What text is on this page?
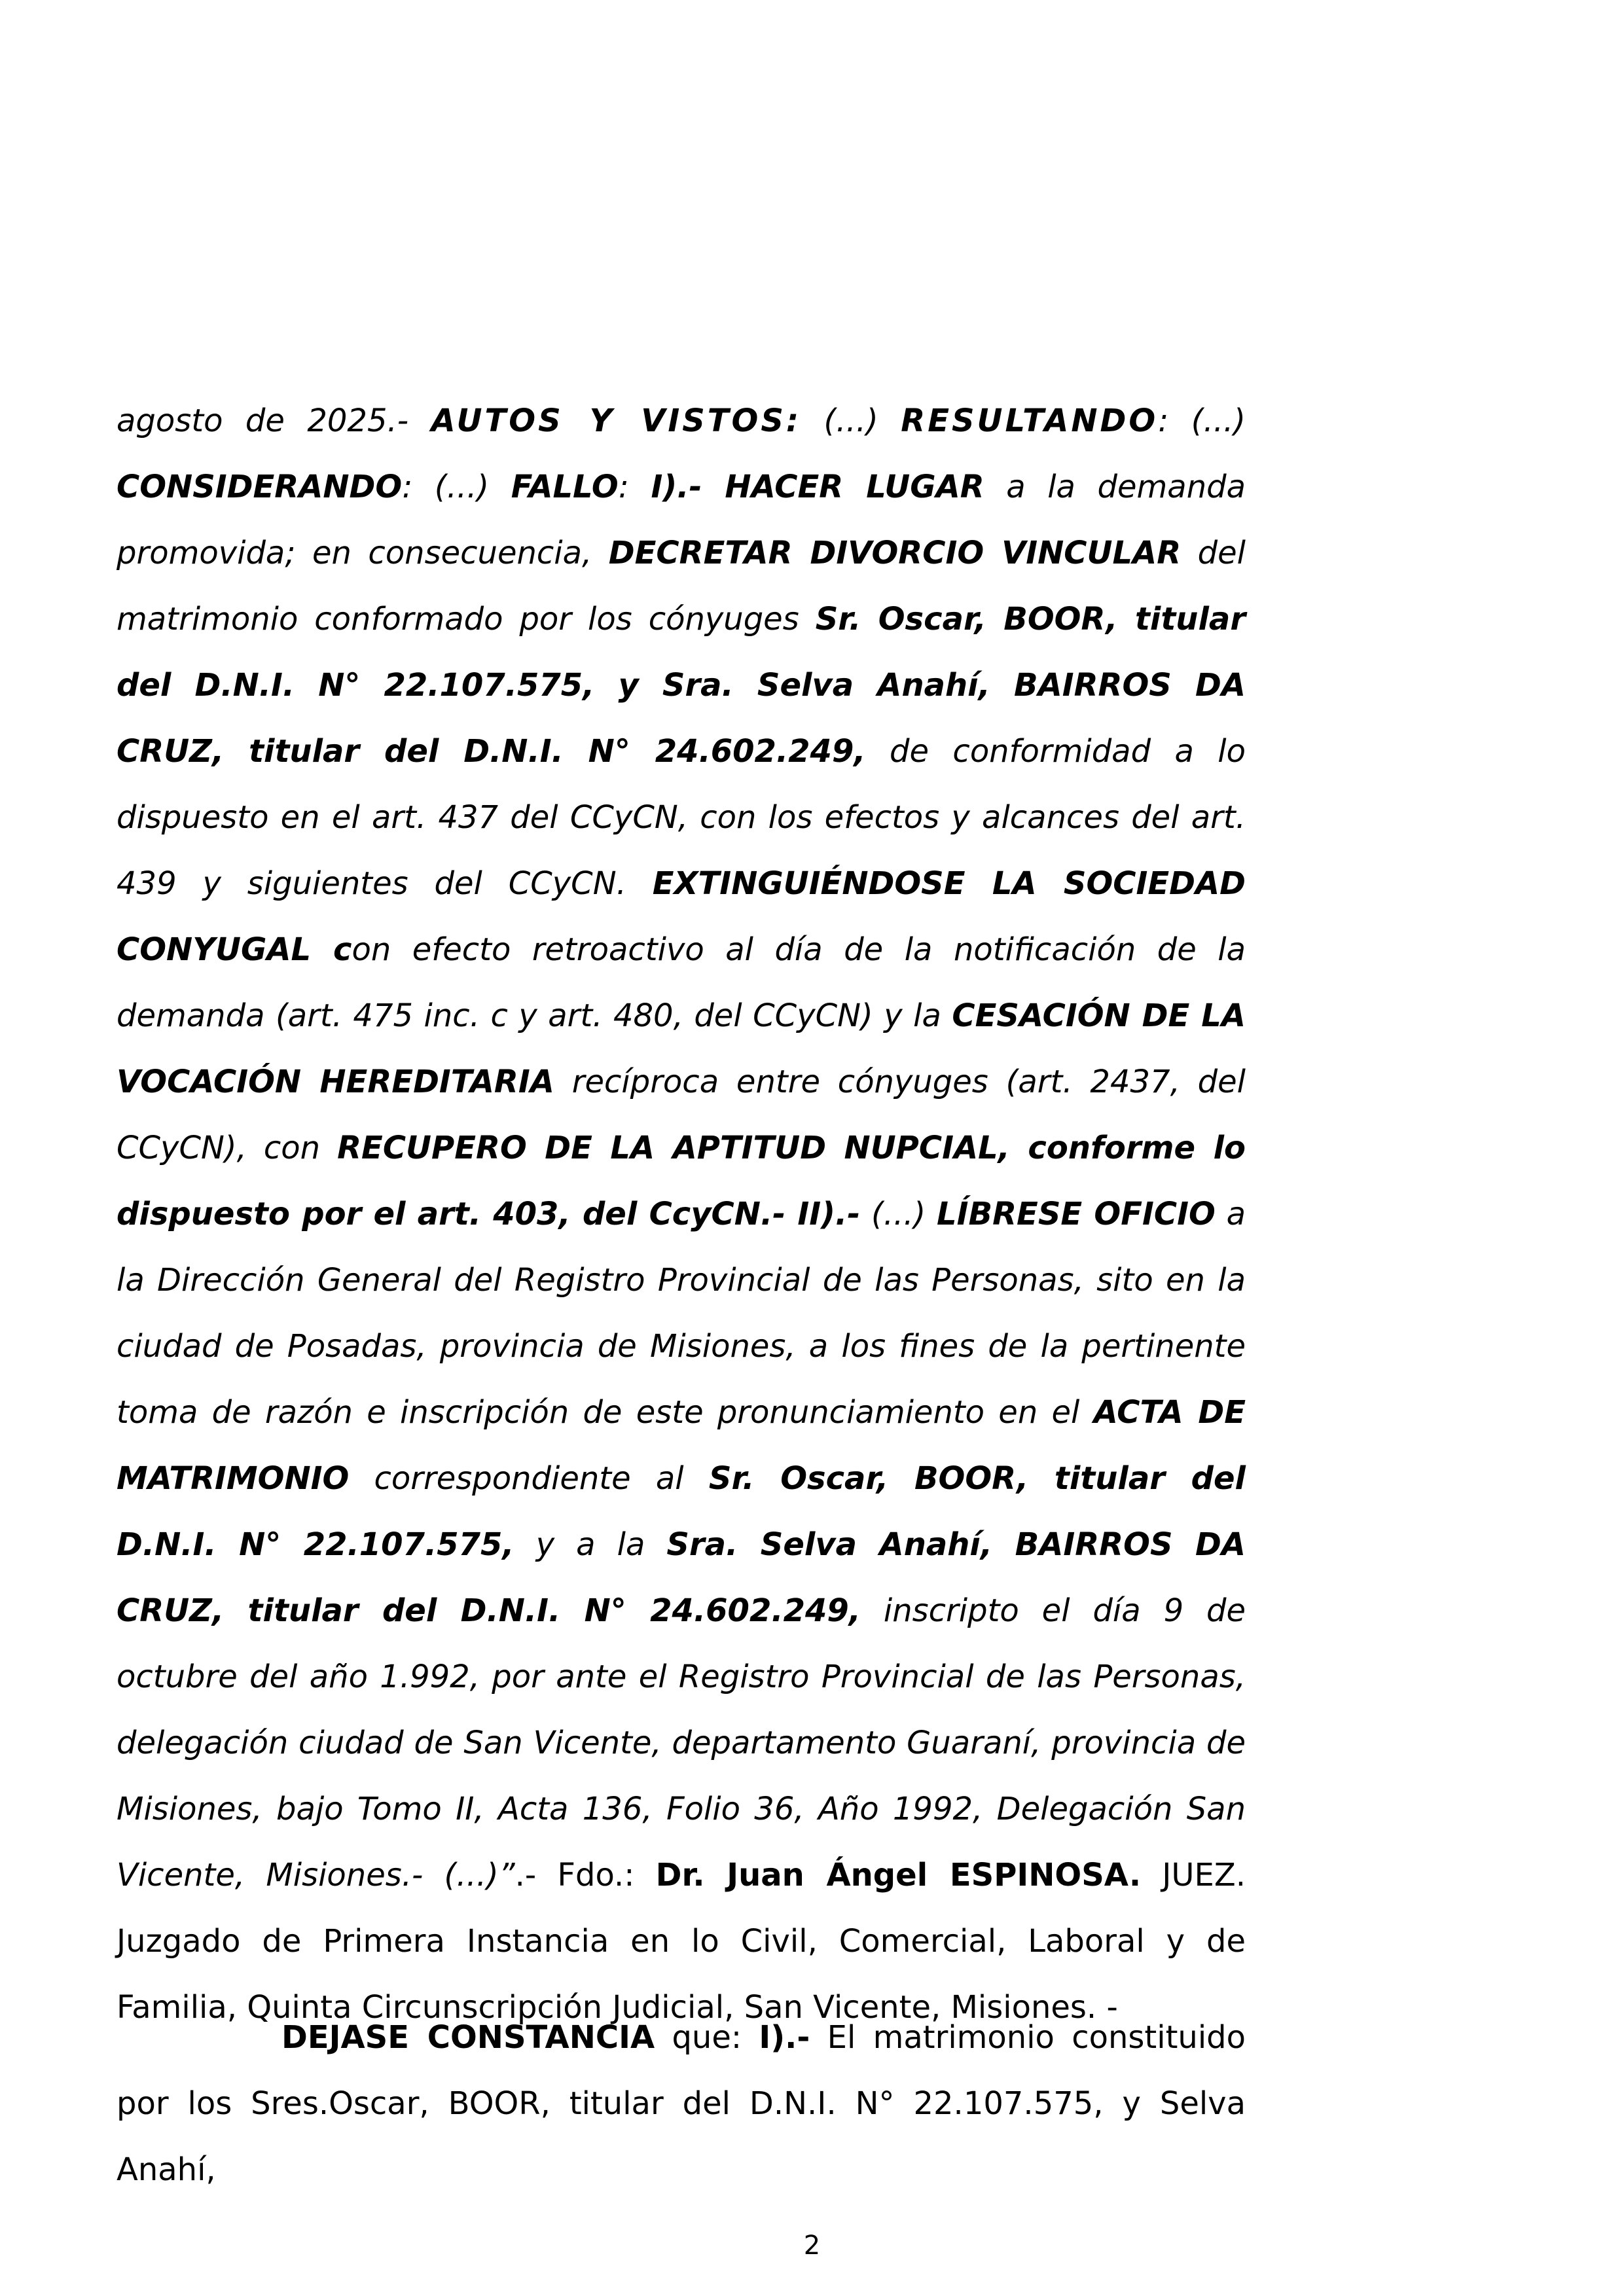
agosto de 2025.- AUTOS Y VISTOS: (...) RESULTANDO: (...) CONSIDERANDO: (...) FALLO: I).- HACER LUGAR a la demanda promovida; en consecuencia, DECRETAR DIVORCIO VINCULAR del matrimonio conformado por los cónyuges Sr. Oscar, BOOR, titular del D.N.I. N° 22.107.575, y Sra. Selva Anahí, BAIRROS DA CRUZ, titular del D.N.I. N° 24.602.249, de conformidad a lo dispuesto en el art. 437 del CCyCN, con los efectos y alcances del art. 439 y siguientes del CCyCN. EXTINGUIÉNDOSE LA SOCIEDAD CONYUGAL con efecto retroactivo al día de la notificación de la demanda (art. 475 inc. c y art. 480, del CCyCN) y la CESACIÓN DE LA VOCACIÓN HEREDITARIA recíproca entre cónyuges (art. 2437, del CCyCN), con RECUPERO DE LA APTITUD NUPCIAL, conforme lo dispuesto por el art. 403, del CcyCN.- II).- (...) LÍBRESE OFICIO a la Dirección General del Registro Provincial de las Personas, sito en la ciudad de Posadas, provincia de Misiones, a los fines de la pertinente toma de razón e inscripción de este pronunciamiento en el ACTA DE MATRIMONIO correspondiente al Sr. Oscar, BOOR, titular del D.N.I. N° 22.107.575, y a la Sra. Selva Anahí, BAIRROS DA CRUZ, titular del D.N.I. N° 24.602.249, inscripto el día 9 de octubre del año 1.992, por ante el Registro Provincial de las Personas, delegación ciudad de San Vicente, departamento Guaraní, provincia de Misiones, bajo Tomo II, Acta 136, Folio 36, Año 1992, Delegación San Vicente, Misiones.- (...)”.- Fdo.: Dr. Juan Ángel ESPINOSA. JUEZ. Juzgado de Primera Instancia en lo Civil, Comercial, Laboral y de Familia, Quinta Circunscripción Judicial, San Vicente, Misiones. -

DEJASE CONSTANCIA que: I).- El matrimonio constituido por los Sres.Oscar, BOOR, titular del D.N.I. N° 22.107.575, y Selva Anahí,

2
